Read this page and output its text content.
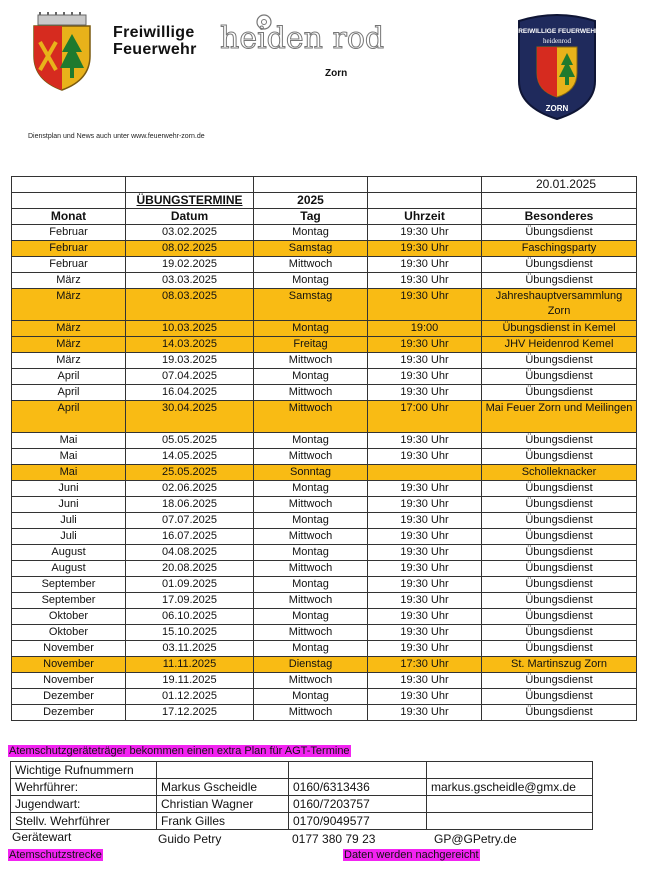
Freiwillige
Feuerwehr heiden rod
Zorn
FREIWILLIGE FEUERWEHR
heidenrod
ZORN
Dienstplan und News auch unter www.feuerwehr-zorn.de
				20.01.2025
	ÜBUNGSTERMINE	2025		
Monat	Datum	Tag	Uhrzeit	Besonderes
Februar	03.02.2025	Montag	19:30 Uhr	Übungsdienst
Februar	08.02.2025	Samstag	19:30 Uhr	Faschingsparty
Februar	19.02.2025	Mittwoch	19:30 Uhr	Übungsdienst
März	03.03.2025	Montag	19:30 Uhr	Übungsdienst
März	08.03.2025	Samstag	19:30 Uhr	Jahreshauptversammlung Zorn
März	10.03.2025	Montag	19:00	Übungsdienst in Kemel
März	14.03.2025	Freitag	19:30 Uhr	JHV Heidenrod Kemel
März	19.03.2025	Mittwoch	19:30 Uhr	Übungsdienst
April	07.04.2025	Montag	19:30 Uhr	Übungsdienst
April	16.04.2025	Mittwoch	19:30 Uhr	Übungsdienst
April	30.04.2025	Mittwoch	17:00 Uhr	Mai Feuer Zorn und Meilingen
Mai	05.05.2025	Montag	19:30 Uhr	Übungsdienst
Mai	14.05.2025	Mittwoch	19:30 Uhr	Übungsdienst
Mai	25.05.2025	Sonntag		Scholleknacker
Juni	02.06.2025	Montag	19:30 Uhr	Übungsdienst
Juni	18.06.2025	Mittwoch	19:30 Uhr	Übungsdienst
Juli	07.07.2025	Montag	19:30 Uhr	Übungsdienst
Juli	16.07.2025	Mittwoch	19:30 Uhr	Übungsdienst
August	04.08.2025	Montag	19:30 Uhr	Übungsdienst
August	20.08.2025	Mittwoch	19:30 Uhr	Übungsdienst
September	01.09.2025	Montag	19:30 Uhr	Übungsdienst
September	17.09.2025	Mittwoch	19:30 Uhr	Übungsdienst
Oktober	06.10.2025	Montag	19:30 Uhr	Übungsdienst
Oktober	15.10.2025	Mittwoch	19:30 Uhr	Übungsdienst
November	03.11.2025	Montag	19:30 Uhr	Übungsdienst
November	11.11.2025	Dienstag	17:30 Uhr	St. Martinszug Zorn
November	19.11.2025	Mittwoch	19:30 Uhr	Übungsdienst
Dezember	01.12.2025	Montag	19:30 Uhr	Übungsdienst
Dezember	17.12.2025	Mittwoch	19:30 Uhr	Übungsdienst
Atemschutzgeräteträger bekommen einen extra Plan für AGT-Termine
Wichtige Rufnummern			
Wehrführer:	Markus Gscheidle	0160/6313436	markus.gscheidle@gmx.de
Jugendwart:	Christian Wagner	0160/7203757	
Stellv. Wehrführer	Frank Gilles	0170/9049577	
Gerätewart	Guido Petry	0177 380 79 23	GP@GPetry.de
Atemschutzstrecke	Daten werden nachgereicht
